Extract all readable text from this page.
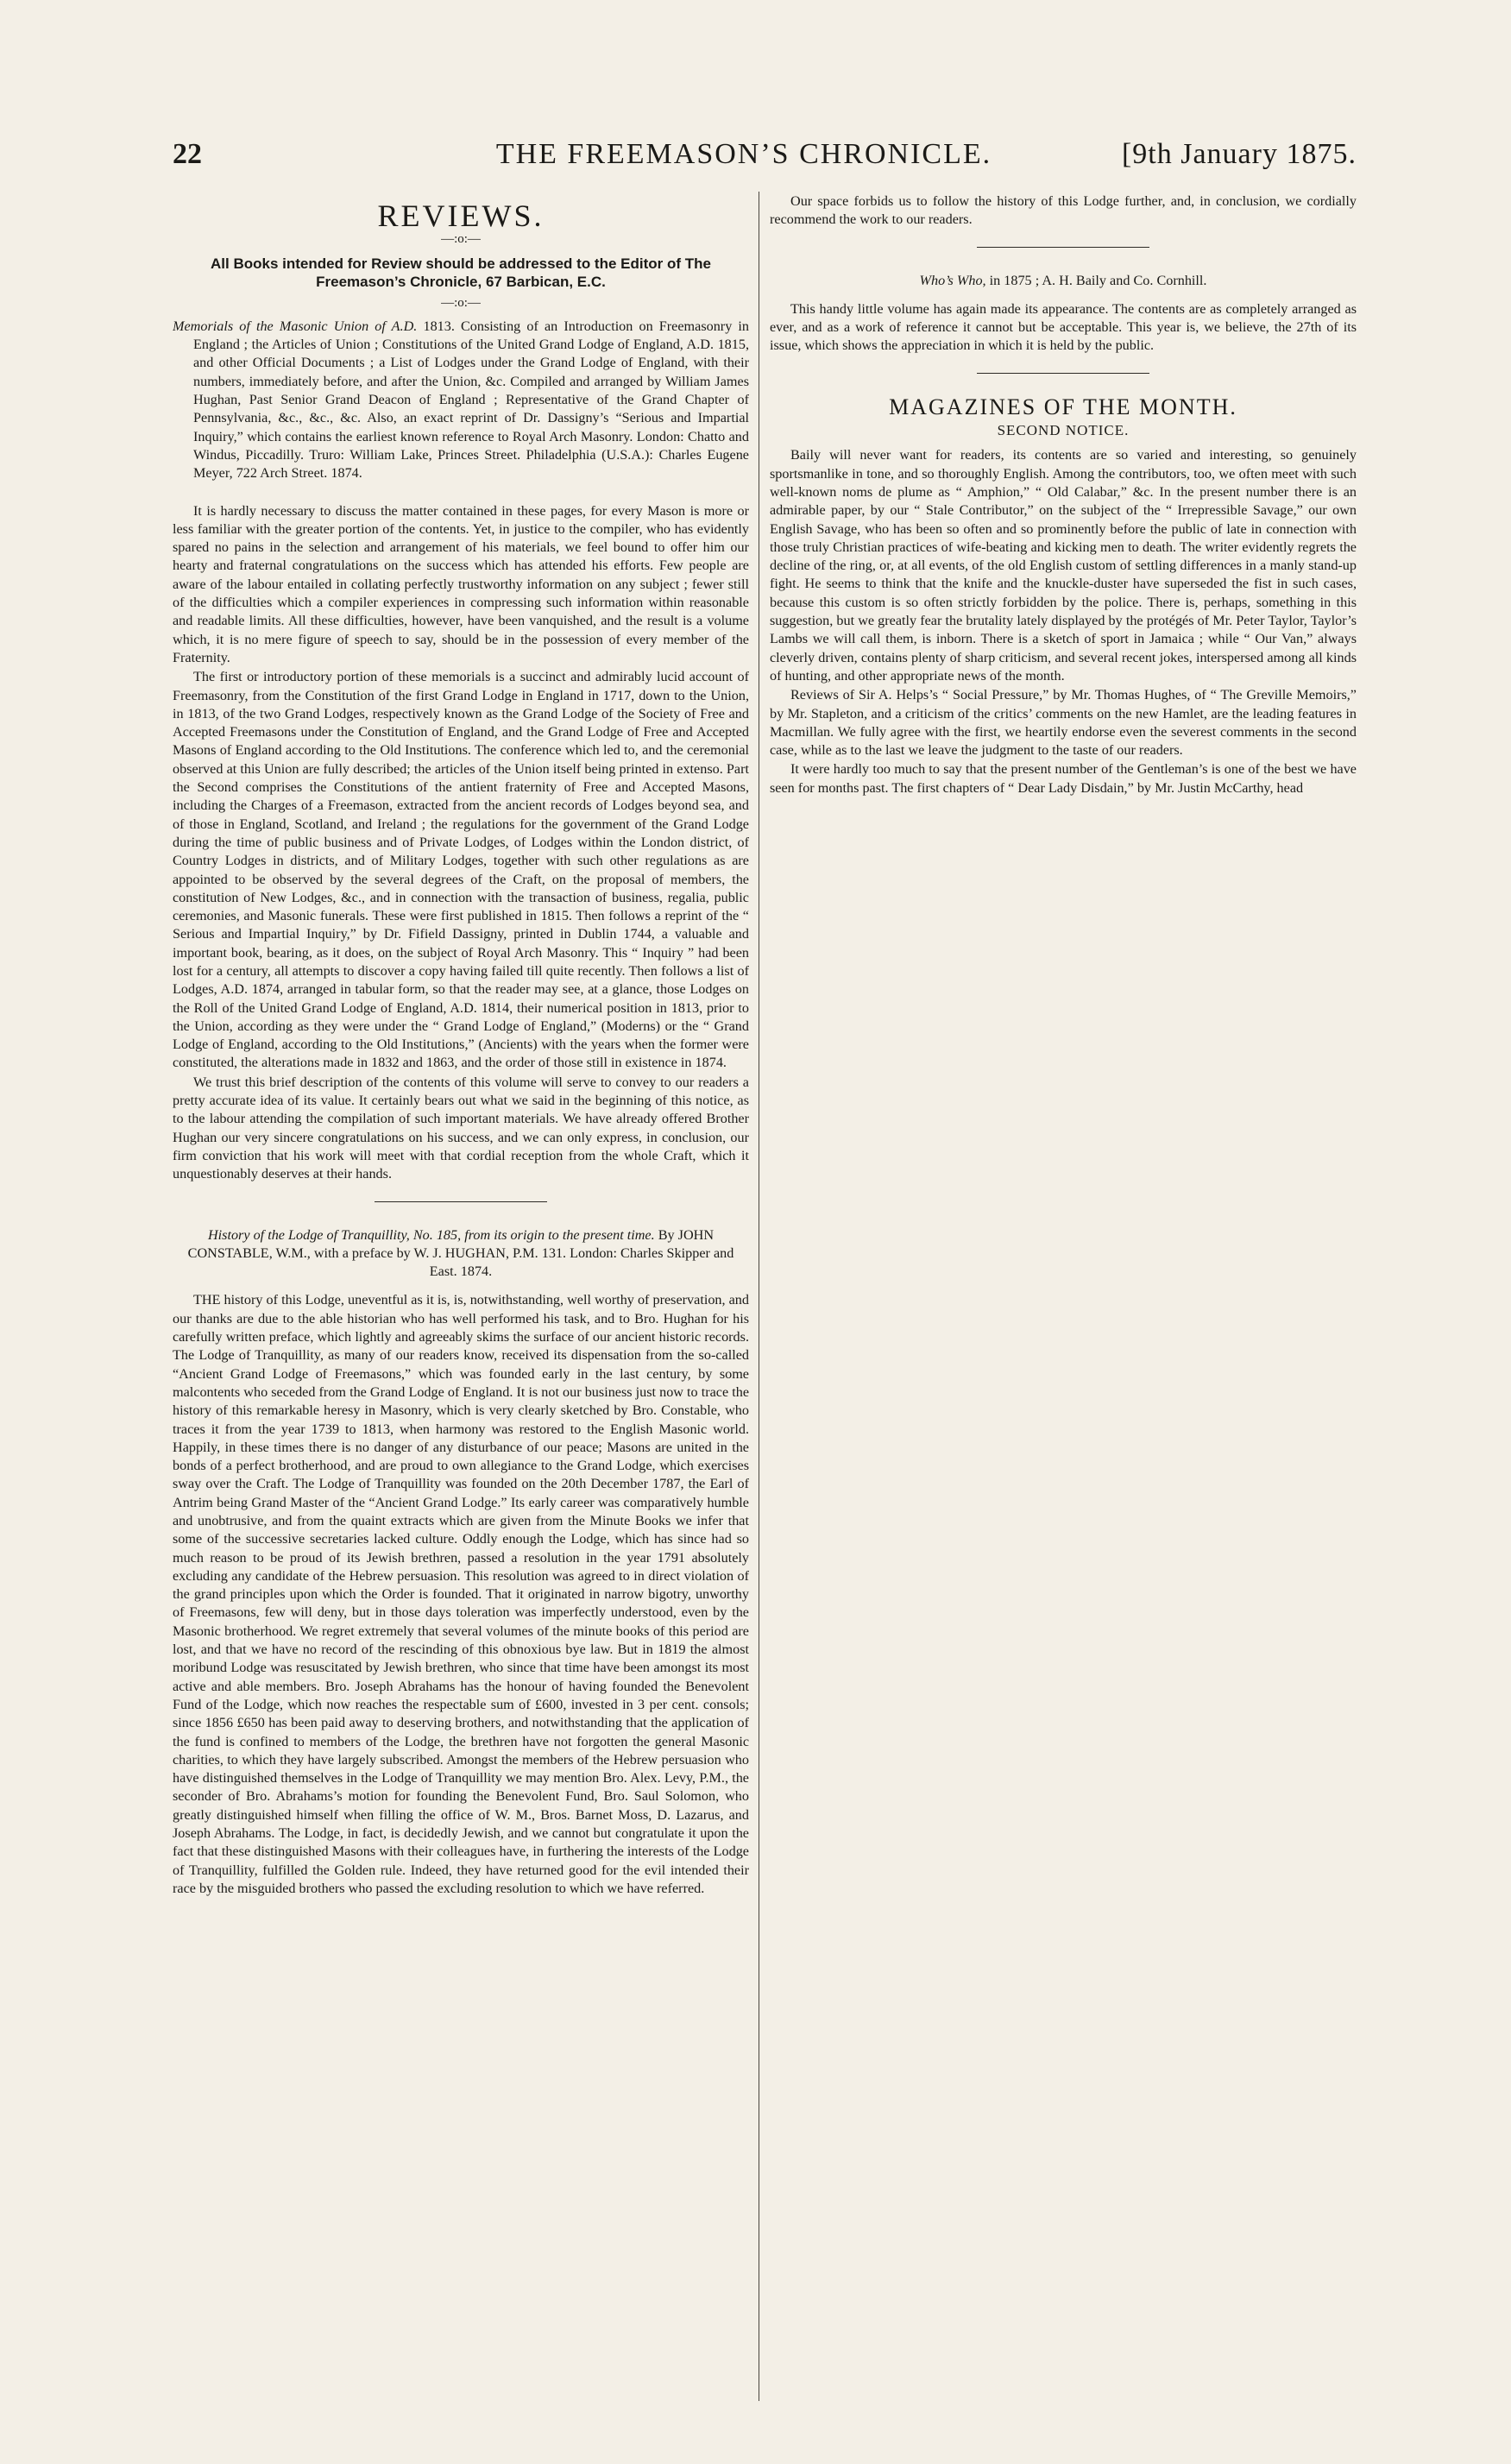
22	THE FREEMASON’S CHRONICLE.	[9th January 1875.
REVIEWS.
—:o:—
All Books intended for Review should be addressed to the Editor of The Freemason’s Chronicle, 67 Barbican, E.C.
—:o:—
Memorials of the Masonic Union of A.D. 1813. Consisting of an Introduction on Freemasonry in England ; the Articles of Union ; Constitutions of the United Grand Lodge of England, A.D. 1815, and other Official Documents ; a List of Lodges under the Grand Lodge of England, with their numbers, immediately before, and after the Union, &c. Compiled and arranged by William James Hughan, Past Senior Grand Deacon of England ; Representative of the Grand Chapter of Pennsylvania, &c., &c., &c. Also, an exact reprint of Dr. Dassigny’s “Serious and Impartial Inquiry,” which contains the earliest known reference to Royal Arch Masonry. London: Chatto and Windus, Piccadilly. Truro: William Lake, Princes Street. Philadelphia (U.S.A.): Charles Eugene Meyer, 722 Arch Street. 1874.

It is hardly necessary to discuss the matter contained in these pages, for every Mason is more or less familiar with the greater portion of the contents. Yet, in justice to the compiler, who has evidently spared no pains in the selection and arrangement of his materials, we feel bound to offer him our hearty and fraternal congratulations on the success which has attended his efforts. Few people are aware of the labour entailed in collating perfectly trustworthy information on any subject ; fewer still of the difficulties which a compiler experiences in compressing such information within reasonable and readable limits. All these difficulties, however, have been vanquished, and the result is a volume which, it is no mere figure of speech to say, should be in the possession of every member of the Fraternity.

The first or introductory portion of these memorials is a succinct and admirably lucid account of Freemasonry, from the Constitution of the first Grand Lodge in England in 1717, down to the Union, in 1813, of the two Grand Lodges, respectively known as the Grand Lodge of the Society of Free and Accepted Freemasons under the Constitution of England, and the Grand Lodge of Free and Accepted Masons of England according to the Old Institutions. The conference which led to, and the ceremonial observed at this Union are fully described; the articles of the Union itself being printed in extenso. Part the Second comprises the Constitutions of the antient fraternity of Free and Accepted Masons, including the Charges of a Freemason, extracted from the ancient records of Lodges beyond sea, and of those in England, Scotland, and Ireland ; the regulations for the government of the Grand Lodge during the time of public business and of Private Lodges, of Lodges within the London district, of Country Lodges in districts, and of Military Lodges, together with such other regulations as are appointed to be observed by the several degrees of the Craft, on the proposal of members, the constitution of New Lodges, &c., and in connection with the transaction of business, regalia, public ceremonies, and Masonic funerals. These were first published in 1815. Then follows a reprint of the “ Serious and Impartial Inquiry,” by Dr. Fifield Dassigny, printed in Dublin 1744, a valuable and important book, bearing, as it does, on the subject of Royal Arch Masonry. This “ Inquiry ” had been lost for a century, all attempts to discover a copy having failed till quite recently. Then follows a list of Lodges, A.D. 1874, arranged in tabular form, so that the reader may see, at a glance, those Lodges on the Roll of the United Grand Lodge of England, A.D. 1814, their numerical position in 1813, prior to the Union, according as they were under the “ Grand Lodge of England,” (Moderns) or the “ Grand Lodge of England, according to the Old Institutions,” (Ancients) with the years when the former were constituted, the alterations made in 1832 and 1863, and the order of those still in existence in 1874.

We trust this brief description of the contents of this volume will serve to convey to our readers a pretty accurate idea of its value. It certainly bears out what we said in the beginning of this notice, as to the labour attending the compilation of such important materials. We have already offered Brother Hughan our very sincere congratulations on his success, and we can only express, in conclusion, our firm conviction that his work will meet with that cordial reception from the whole Craft, which it unquestionably deserves at their hands.

History of the Lodge of Tranquillity, No. 185, from its origin to the present time. By JOHN CONSTABLE, W.M., with a preface by W. J. HUGHAN, P.M. 131. London: Charles Skipper and East. 1874.

THE history of this Lodge, uneventful as it is, is, notwithstanding, well worthy of preservation, and our thanks are due to the able historian who has well performed his task, and to Bro. Hughan for his carefully written preface, which lightly and agreeably skims the surface of our ancient historic records. The Lodge of Tranquillity, as many of our readers know, received its dispensation from the so-called “Ancient Grand Lodge of Freemasons,” which was founded early in the last century, by some malcontents who seceded from the Grand Lodge of England. It is not our business just now to trace the history of this remarkable heresy in Masonry, which is very clearly sketched by Bro. Constable, who traces it from the year 1739 to 1813, when harmony was restored to the English Masonic world. Happily, in these times there is no danger of any disturbance of our peace; Masons are united in the bonds of a perfect brotherhood, and are proud to own allegiance to the Grand Lodge, which exercises sway over the Craft. The Lodge of Tranquillity was founded on the 20th December 1787, the Earl of Antrim being Grand Master of the “Ancient Grand Lodge.” Its early career was comparatively humble and unobtrusive, and from the quaint extracts which are given from the Minute Books we infer that some of the successive secretaries lacked culture. Oddly enough the Lodge, which has since had so much reason to be proud of its Jewish brethren, passed a resolution in the year 1791 absolutely excluding any candidate of the Hebrew persuasion. This resolution was agreed to in direct violation of the grand principles upon which the Order is founded. That it originated in narrow bigotry, unworthy of Freemasons, few will deny, but in those days toleration was imperfectly understood, even by the Masonic brotherhood. We regret extremely that several volumes of the minute books of this period are lost, and that we have no record of the rescinding of this obnoxious bye law. But in 1819 the almost moribund Lodge was resuscitated by Jewish brethren, who since that time have been amongst its most active and able members. Bro. Joseph Abrahams has the honour of having founded the Benevolent Fund of the Lodge, which now reaches the respectable sum of £600, invested in 3 per cent. consols; since 1856 £650 has been paid away to deserving brothers, and notwithstanding that the application of the fund is confined to members of the Lodge, the brethren have not forgotten the general Masonic charities, to which they have largely subscribed. Amongst the members of the Hebrew persuasion who have distinguished themselves in the Lodge of Tranquillity we may mention Bro. Alex. Levy, P.M., the seconder of Bro. Abrahams’s motion for founding the Benevolent Fund, Bro. Saul Solomon, who greatly distinguished himself when filling the office of W. M., Bros. Barnet Moss, D. Lazarus, and Joseph Abrahams. The Lodge, in fact, is decidedly Jewish, and we cannot but congratulate it upon the fact that these distinguished Masons with their colleagues have, in furthering the interests of the Lodge of Tranquillity, fulfilled the Golden rule. Indeed, they have returned good for the evil intended their race by the misguided brothers who passed the excluding resolution to which we have referred.

Our space forbids us to follow the history of this Lodge further, and, in conclusion, we cordially recommend the work to our readers.

Who’s Who, in 1875 ; A. H. Baily and Co. Cornhill.

This handy little volume has again made its appearance. The contents are as completely arranged as ever, and as a work of reference it cannot but be acceptable. This year is, we believe, the 27th of its issue, which shows the appreciation in which it is held by the public.

MAGAZINES OF THE MONTH.
SECOND NOTICE.

Baily will never want for readers, its contents are so varied and interesting, so genuinely sportsmanlike in tone, and so thoroughly English. Among the contributors, too, we often meet with such well-known noms de plume as “ Amphion,” “ Old Calabar,” &c. In the present number there is an admirable paper, by our “ Stale Contributor,” on the subject of the “ Irrepressible Savage,” our own English Savage, who has been so often and so prominently before the public of late in connection with those truly Christian practices of wife-beating and kicking men to death. The writer evidently regrets the decline of the ring, or, at all events, of the old English custom of settling differences in a manly stand-up fight. He seems to think that the knife and the knuckle-duster have superseded the fist in such cases, because this custom is so often strictly forbidden by the police. There is, perhaps, something in this suggestion, but we greatly fear the brutality lately displayed by the protégés of Mr. Peter Taylor, Taylor’s Lambs we will call them, is inborn. There is a sketch of sport in Jamaica ; while “ Our Van,” always cleverly driven, contains plenty of sharp criticism, and several recent jokes, interspersed among all kinds of hunting, and other appropriate news of the month.

Reviews of Sir A. Helps’s “ Social Pressure,” by Mr. Thomas Hughes, of “ The Greville Memoirs,” by Mr. Stapleton, and a criticism of the critics’ comments on the new Hamlet, are the leading features in Macmillan. We fully agree with the first, we heartily endorse even the severest comments in the second case, while as to the last we leave the judgment to the taste of our readers.

It were hardly too much to say that the present number of the Gentleman’s is one of the best we have seen for months past. The first chapters of “ Dear Lady Disdain,” by Mr. Justin McCarthy, head
